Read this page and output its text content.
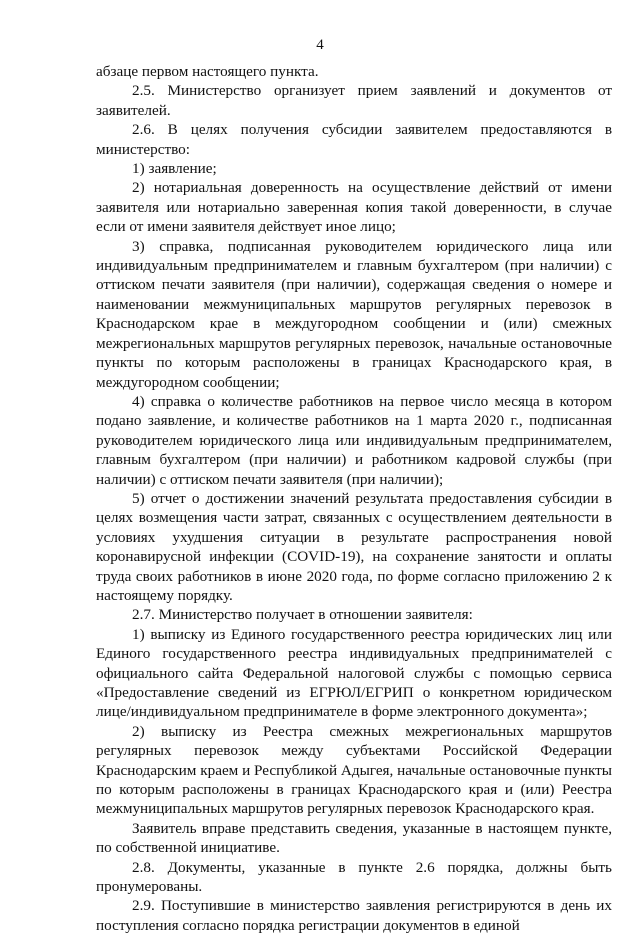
4

абзаце первом настоящего пункта.

2.5. Министерство организует прием заявлений и документов от заявителей.

2.6. В целях получения субсидии заявителем предоставляются в министерство:

1) заявление;

2) нотариальная доверенность на осуществление действий от имени заявителя или нотариально заверенная копия такой доверенности, в случае если от имени заявителя действует иное лицо;

3) справка, подписанная руководителем юридического лица или индивидуальным предпринимателем и главным бухгалтером (при наличии) с оттиском печати заявителя (при наличии), содержащая сведения о номере и наименовании межмуниципальных маршрутов регулярных перевозок в Краснодарском крае в междугородном сообщении и (или) смежных межрегиональных маршрутов регулярных перевозок, начальные остановочные пункты по которым расположены в границах Краснодарского края, в междугородном сообщении;

4) справка о количестве работников на первое число месяца в котором подано заявление, и количестве работников на 1 марта 2020 г., подписанная руководителем юридического лица или индивидуальным предпринимателем, главным бухгалтером (при наличии) и работником кадровой службы (при наличии) с оттиском печати заявителя (при наличии);

5) отчет о достижении значений результата предоставления субсидии в целях возмещения части затрат, связанных с осуществлением деятельности в условиях ухудшения ситуации в результате распространения новой коронавирусной инфекции (COVID-19), на сохранение занятости и оплаты труда своих работников в июне 2020 года, по форме согласно приложению 2 к настоящему порядку.

2.7. Министерство получает в отношении заявителя:

1) выписку из Единого государственного реестра юридических лиц или Единого государственного реестра индивидуальных предпринимателей с официального сайта Федеральной налоговой службы с помощью сервиса «Предоставление сведений из ЕГРЮЛ/ЕГРИП о конкретном юридическом лице/индивидуальном предпринимателе в форме электронного документа»;

2) выписку из Реестра смежных межрегиональных маршрутов регулярных перевозок между субъектами Российской Федерации Краснодарским краем и Республикой Адыгея, начальные остановочные пункты по которым расположены в границах Краснодарского края и (или) Реестра межмуниципальных маршрутов регулярных перевозок Краснодарского края.

Заявитель вправе представить сведения, указанные в настоящем пункте, по собственной инициативе.

2.8. Документы, указанные в пункте 2.6 порядка, должны быть пронумерованы.

2.9. Поступившие в министерство заявления регистрируются в день их поступления согласно порядка регистрации документов в единой
